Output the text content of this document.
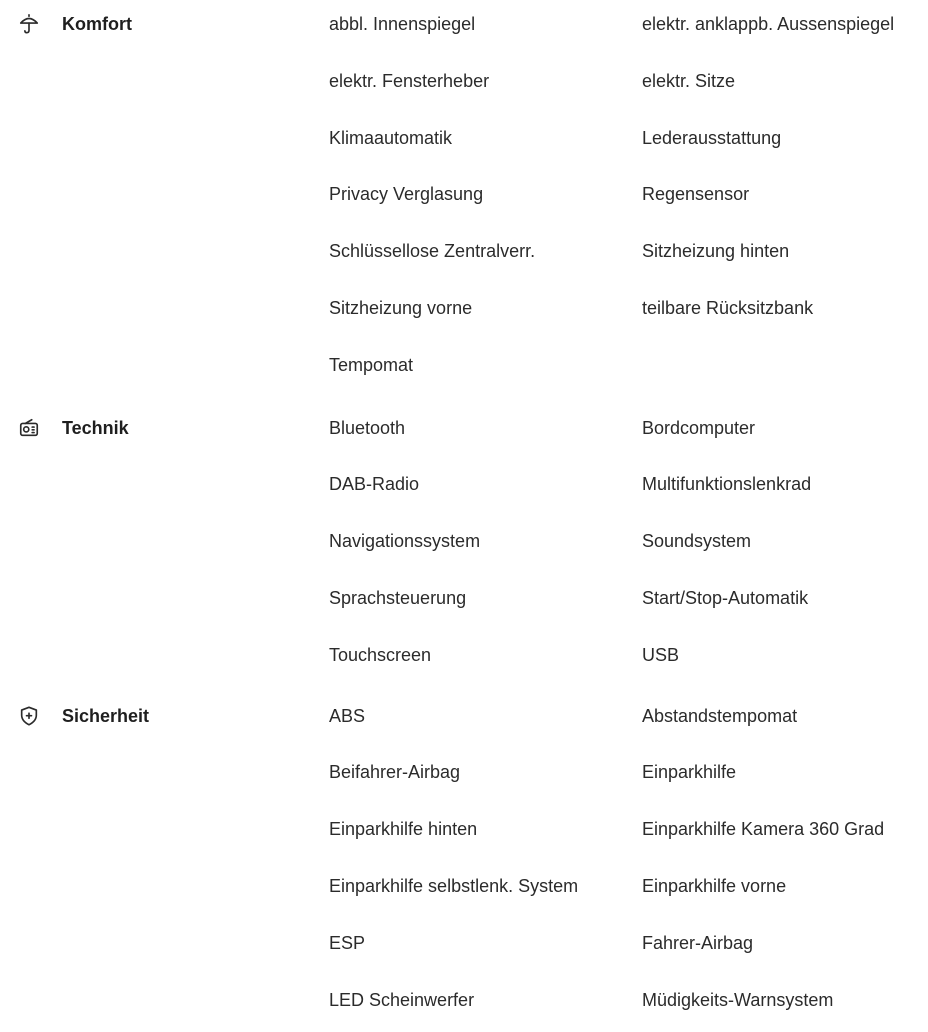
Komfort	abbl. Innenspiegel	elektr. anklappb. Aussenspiegel
elektr. Fensterheber	elektr. Sitze
Klimaautomatik	Lederausstattung
Privacy Verglasung	Regensensor
Schlüssellose Zentralverr.	Sitzheizung hinten
Sitzheizung vorne	teilbare Rücksitzbank
Tempomat
Technik	Bluetooth	Bordcomputer
DAB-Radio	Multifunktionslenkrad
Navigationssystem	Soundsystem
Sprachsteuerung	Start/Stop-Automatik
Touchscreen	USB
Sicherheit	ABS	Abstandstempomat
Beifahrer-Airbag	Einparkhilfe
Einparkhilfe hinten	Einparkhilfe Kamera 360 Grad
Einparkhilfe selbstlenk. System	Einparkhilfe vorne
ESP	Fahrer-Airbag
LED Scheinwerfer	Müdigkeits-Warnsystem
